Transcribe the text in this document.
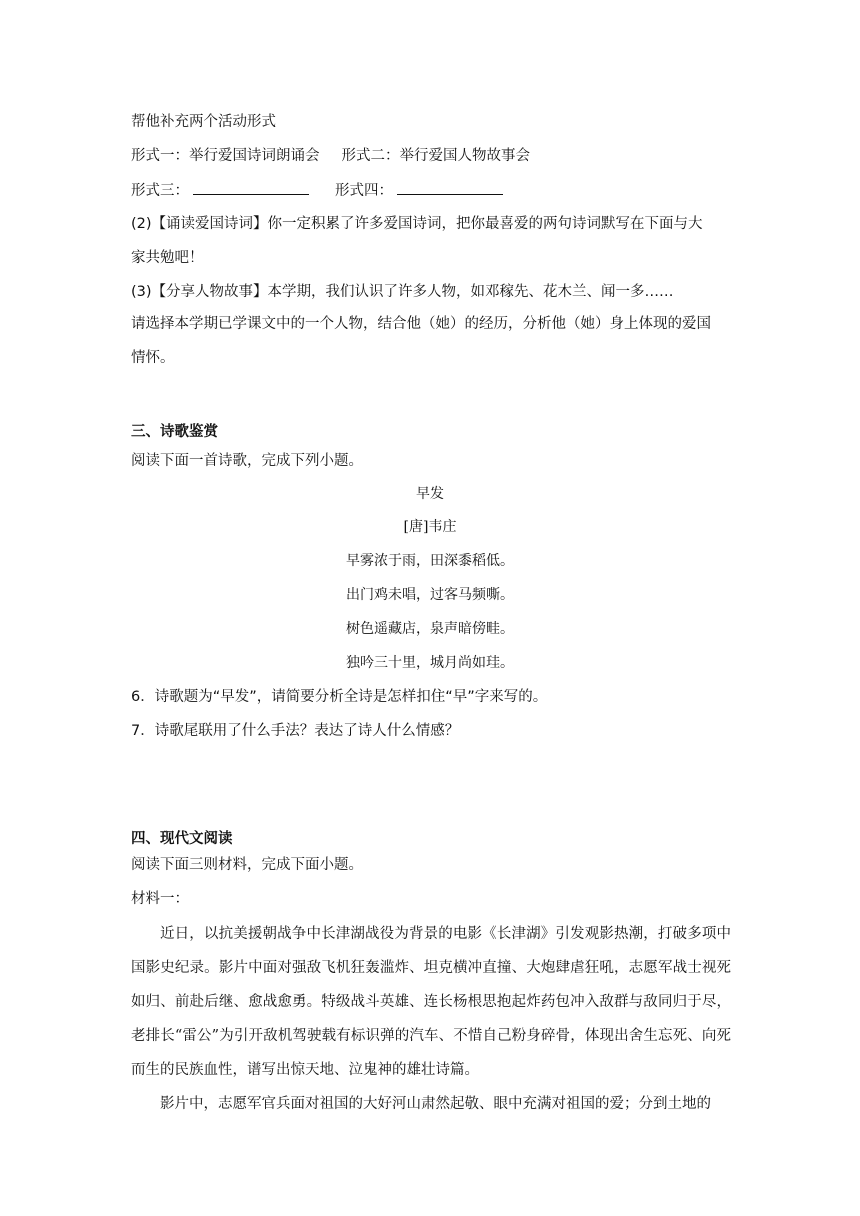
帮他补充两个活动形式
形式一：举行爱国诗词朗诵会 形式二：举行爱国人物故事会
形式三：	形式四：
(2)【诵读爱国诗词】你一定积累了许多爱国诗词，把你最喜爱的两句诗词默写在下面与大
家共勉吧！
(3)【分享人物故事】本学期，我们认识了许多人物，如邓稼先、花木兰、闻一多……
请选择本学期已学课文中的一个人物，结合他（她）的经历，分析他（她）身上体现的爱国
情怀。
三、诗歌鉴赏
阅读下面一首诗歌，完成下列小题。
早发
[唐]韦庄
早雾浓于雨，田深黍稻低。
出门鸡未唱，过客马频嘶。
树色遥藏店，泉声暗傍畦。
独吟三十里，城月尚如珪。
6．诗歌题为“早发”，请简要分析全诗是怎样扣住“早”字来写的。
7．诗歌尾联用了什么手法？表达了诗人什么情感？
四、现代文阅读
阅读下面三则材料，完成下面小题。
材料一：
近日，以抗美援朝战争中长津湖战役为背景的电影《长津湖》引发观影热潮，打破多项中国影史纪录。影片中面对强敌飞机狂轰滥炸、坦克横冲直撞、大炮肆虐狂吼，志愿军战士视死如归、前赴后继、愈战愈勇。特级战斗英雄、连长杨根思抱起炸药包冲入敌群与敌同归于尽，老排长“雷公”为引开敌机驾驶载有标识弹的汽车、不惜自己粉身碎骨，体现出舍生忘死、向死而生的民族血性，谱写出惊天地、泣鬼神的雄壮诗篇。
影片中，志愿军官兵面对祖国的大好河山肃然起敬、眼中充满对祖国的爱；分到土地的
